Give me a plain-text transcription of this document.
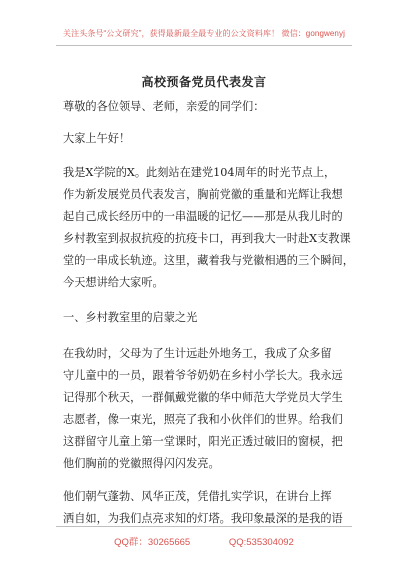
关注头条号“公文研究”，获得最新最全最专业的公文资料库！ 微信：gongwenyj
高校预备党员代表发言
尊敬的各位领导、老师，亲爱的同学们：
大家上午好！
我是X学院的X。此刻站在建党104周年的时光节点上，
作为新发展党员代表发言，胸前党徽的重量和光辉让我想
起自己成长经历中的一串温暖的记忆——那是从我儿时的
乡村教室到叔叔抗疫的抗疫卡口，再到我大一时赴X支教课
堂的一串成长轨迹。这里，藏着我与党徽相遇的三个瞬间，
今天想讲给大家听。
一、乡村教室里的启蒙之光
在我幼时，父母为了生计远赴外地务工，我成了众多留
守儿童中的一员，跟着爷爷奶奶在乡村小学长大。我永远
记得那个秋天，一群佩戴党徽的华中师范大学党员大学生
志愿者，像一束光，照亮了我和小伙伴们的世界。给我们
这群留守儿童上第一堂课时，阳光正透过破旧的窗棂，把
他们胸前的党徽照得闪闪发亮。
他们朝气蓬勃、风华正茂，凭借扎实学识，在讲台上挥
洒自如，为我们点亮求知的灯塔。我印象最深的是我的语
QQ群：30265665	QQ:535304092
